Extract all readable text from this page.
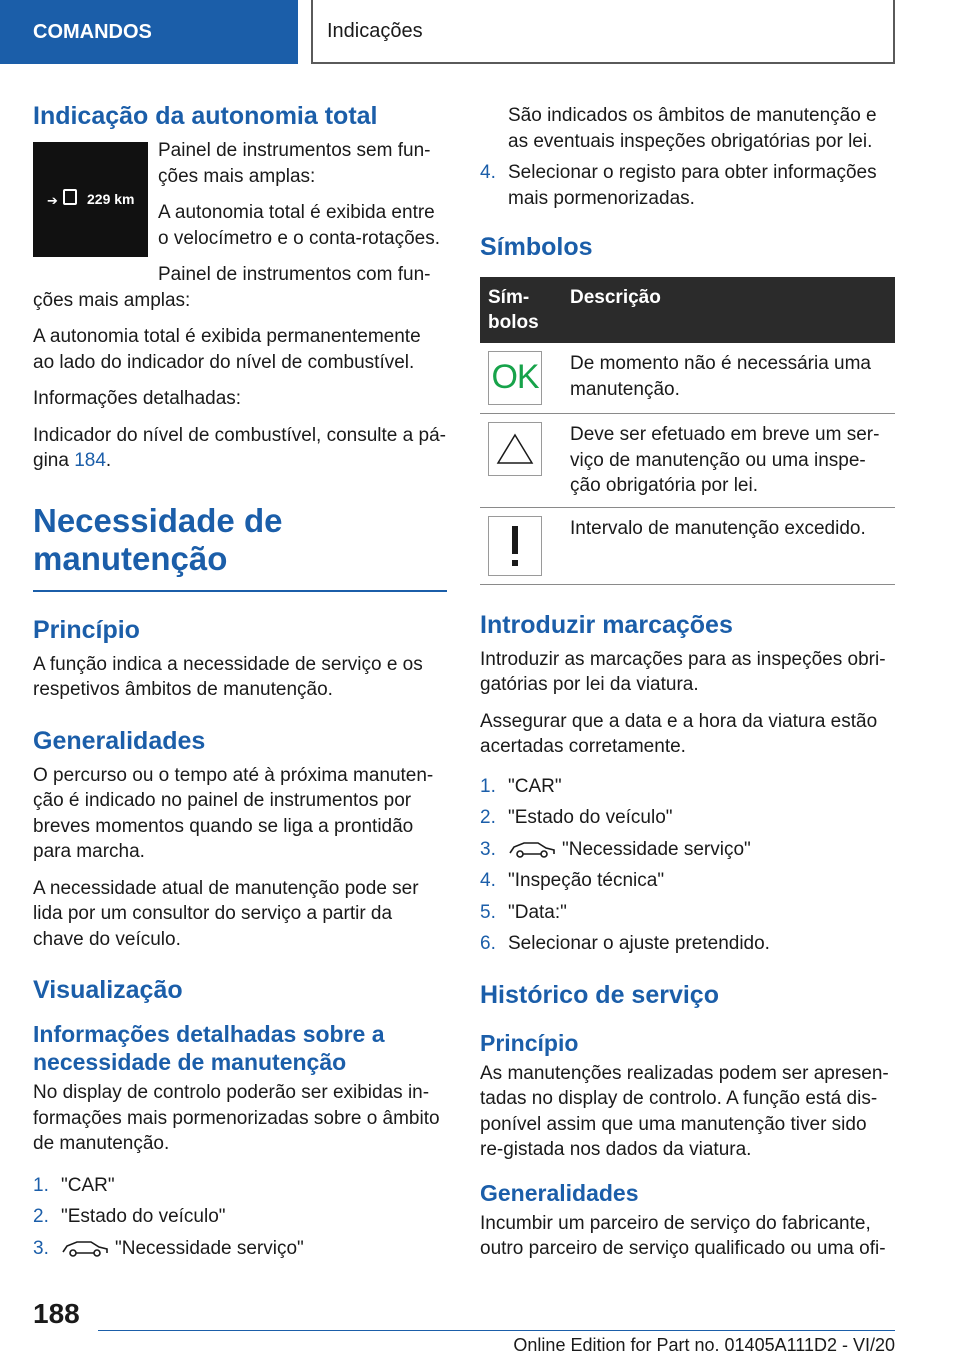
COMANDOS	Indicações
Indicação da autonomia total
➔ 229 km

Painel de instrumentos sem fun-ções mais amplas:

A autonomia total é exibida entre o velocímetro e o conta-rotações.

Painel de instrumentos com fun-ções mais amplas:

A autonomia total é exibida permanentemente ao lado do indicador do nível de combustível.

Informações detalhadas:

Indicador do nível de combustível, consulte a pá-gina 184.

Necessidade de manutenção
Princípio

A função indica a necessidade de serviço e os respetivos âmbitos de manutenção.

Generalidades

O percurso ou o tempo até à próxima manuten-ção é indicado no painel de instrumentos por breves momentos quando se liga a prontidão para marcha.

A necessidade atual de manutenção pode ser lida por um consultor do serviço a partir da chave do veículo.

Visualização
Informações detalhadas sobre a necessidade de manutenção

No display de controlo poderão ser exibidas in-formações mais pormenorizadas sobre o âmbito de manutenção.

1. "CAR"
2. "Estado do veículo"
3.	"Necessidade serviço"

São indicados os âmbitos de manutenção e as eventuais inspeções obrigatórias por lei.

4. Selecionar o registo para obter informações mais pormenorizadas.
Símbolos
Sím-bolos	Descrição

OK	De momento não é necessária uma manutenção.

	Deve ser efetuado em breve um ser-viço de manutenção ou uma inspe-ção obrigatória por lei.

	Intervalo de manutenção excedido.
Introduzir marcações

Introduzir as marcações para as inspeções obri-gatórias por lei da viatura.

Assegurar que a data e a hora da viatura estão acertadas corretamente.

1. "CAR"
2. "Estado do veículo"
3.	"Necessidade serviço"
4. "Inspeção técnica"
5. "Data:"
6. Selecionar o ajuste pretendido.
Histórico de serviço
Princípio

As manutenções realizadas podem ser apresen-tadas no display de controlo. A função está dis-ponível assim que uma manutenção tiver sido re-gistada nos dados da viatura.

Generalidades

Incumbir um parceiro de serviço do fabricante, outro parceiro de serviço qualificado ou uma ofi-

188
Online Edition for Part no. 01405A111D2 - VI/20
